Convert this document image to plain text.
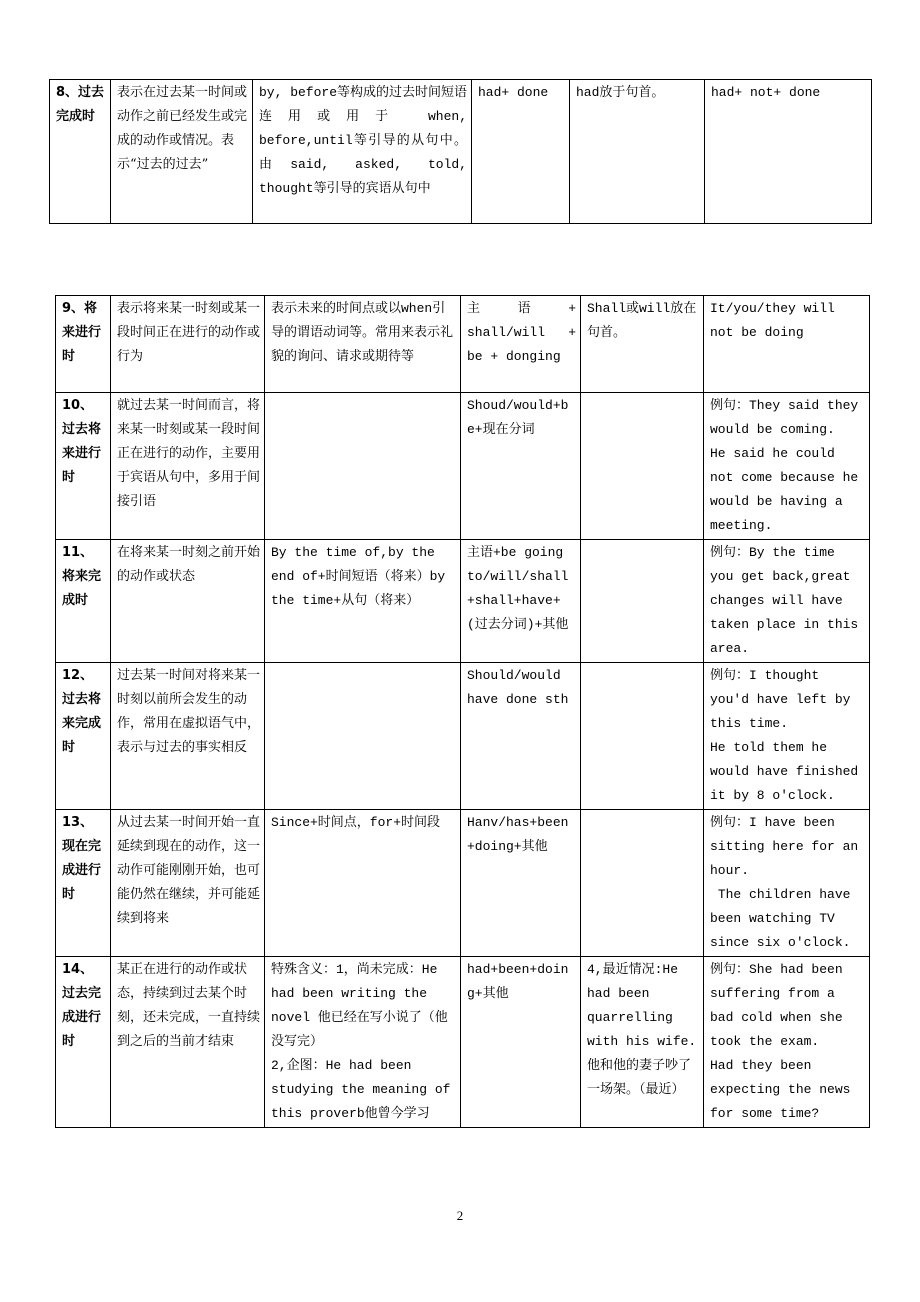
8、过去完成时	表示在过去某一时间或动作之前已经发生或完成的动作或情况。表示“过去的过去”	by, before等构成的过去时间短语连用或用于 when, before,until等引导的从句中。由said, asked, told, thought等引导的宾语从句中	had+ done	had放于句首。	had+ not+ done
9、将来进行时	表示将来某一时刻或某一段时间正在进行的动作或行为	表示未来的时间点或以when引导的谓语动词等。常用来表示礼貌的询问、请求或期待等	主 语 + shall/will + be + donging	Shall或will放在句首。	It/you/they will not be doing

10、过去将来进行时	就过去某一时间而言，将来某一时刻或某一段时间正在进行的动作，主要用于宾语从句中，多用于间接引语		Shoud/would+be+现在分词		例句：They said they would be coming.
He said he could not come because he would be having a meeting.

11、将来完成时	在将来某一时刻之前开始的动作或状态	By the time of,by the end of+时间短语（将来）by the time+从句（将来）	主语+be going to/will/shall+shall+have+(过去分词)+其他		例句：By the time you get back,great changes will have taken place in this area.

12、过去将来完成时	过去某一时间对将来某一时刻以前所会发生的动作，常用在虚拟语气中，表示与过去的事实相反		Should/would have done sth		例句：I thought you'd have left by this time.
He told them he would have finished it by 8 o'clock.

13、现在完成进行时	从过去某一时间开始一直延续到现在的动作，这一动作可能刚刚开始，也可能仍然在继续，并可能延续到将来	Since+时间点，for+时间段	Hanv/has+been+doing+其他		例句：I have been sitting here for an hour.
The children have been watching TV since six o'clock.

14、过去完成进行时	某正在进行的动作或状态，持续到过去某个时刻，还未完成，一直持续到之后的当前才结束	特殊含义：1，尚未完成：He had been writing the novel 他已经在写小说了（他没写完）
2,企图：He had been studying the meaning of this proverb他曾今学习	had+been+doing+其他	4,最近情况:He had been quarrelling with his wife.他和他的妻子吵了一场架。（最近）	例句：She had been suffering from a bad cold when she took the exam.
Had they been expecting the news for some time?
2
